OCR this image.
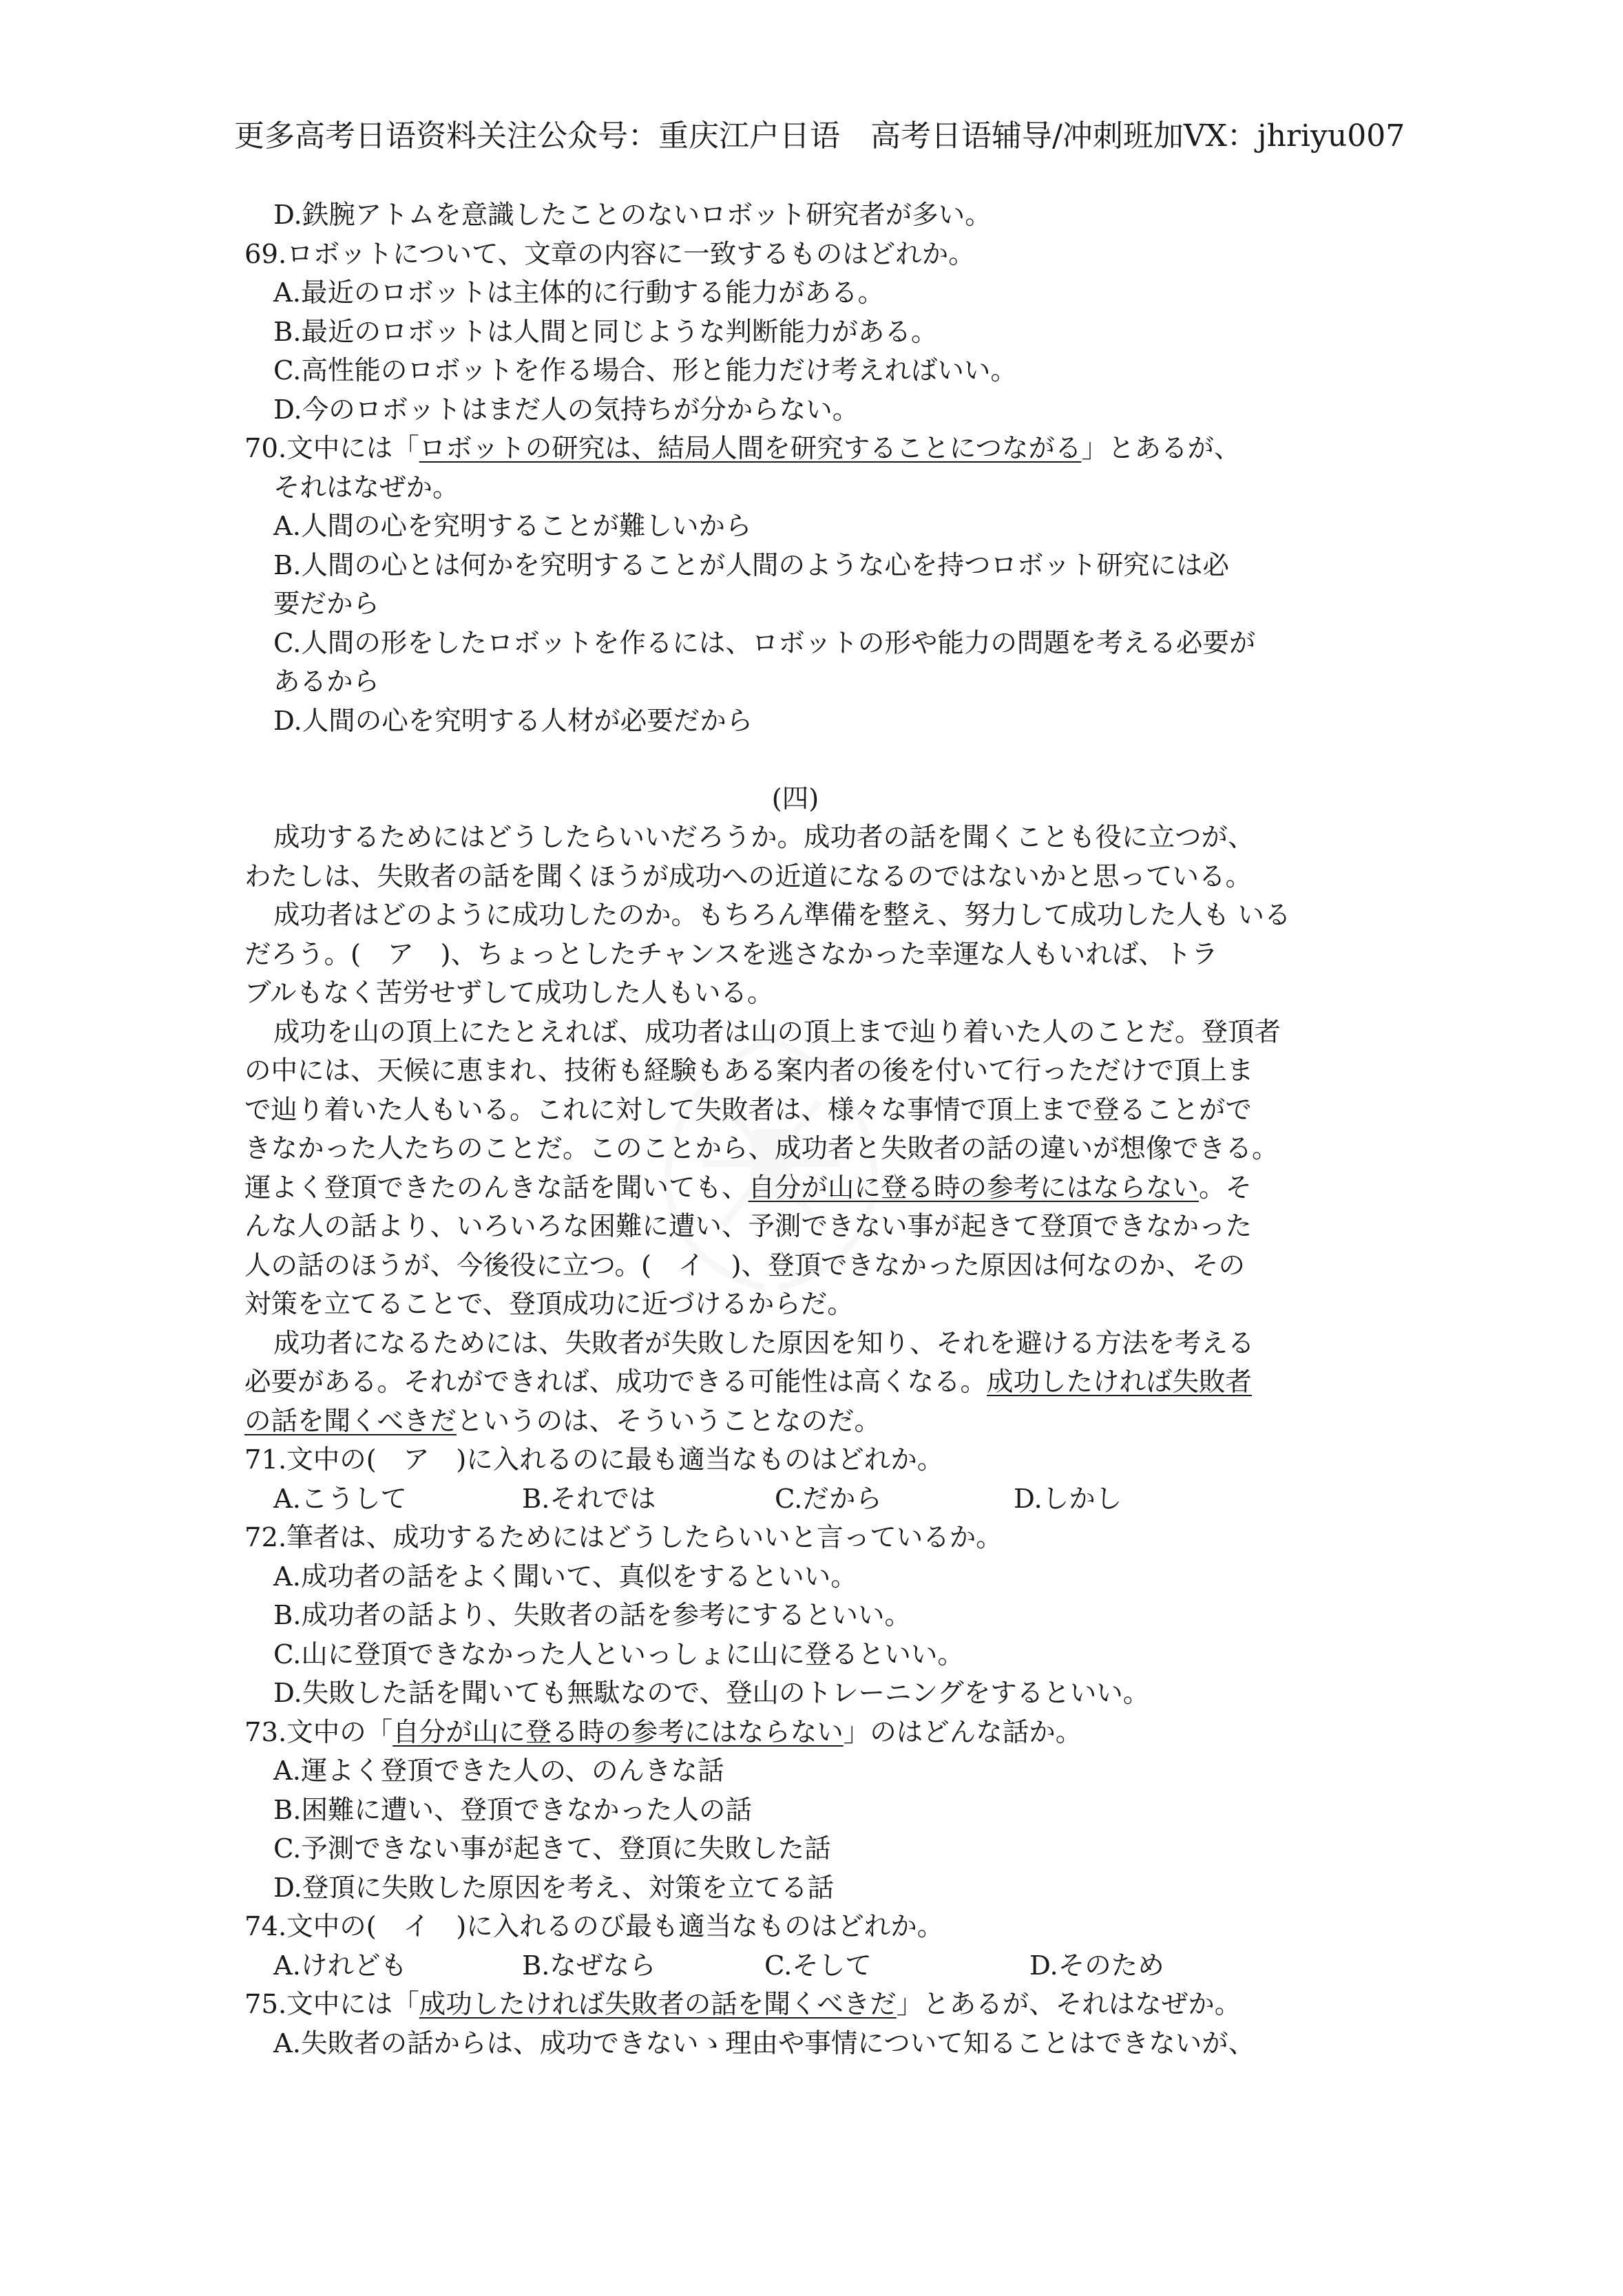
更多高考日语资料关注公众号：重庆江户日语　高考日语辅导/冲刺班加VX：jhriyu007
D.鉄腕アトムを意識したことのないロボット研究者が多い。
69.ロボットについて、文章の内容に一致するものはどれか。
A.最近のロボットは主体的に行動する能力がある。
B.最近のロボットは人間と同じような判断能力がある。
C.高性能のロボットを作る場合、形と能力だけ考えればいい。
D.今のロボットはまだ人の気持ちが分からない。
70.文中には「ロボットの研究は、結局人間を研究することにつながる」とあるが、
それはなぜか。
A.人間の心を究明することが難しいから
B.人間の心とは何かを究明することが人間のような心を持つロボット研究には必
要だから
C.人間の形をしたロボットを作るには、ロボットの形や能力の問題を考える必要が
あるから
D.人間の心を究明する人材が必要だから
(四)
成功するためにはどうしたらいいだろうか。成功者の話を聞くことも役に立つが、
わたしは、失敗者の話を聞くほうが成功への近道になるのではないかと思っている。
成功者はどのように成功したのか。もちろん準備を整え、努力して成功した人も いる
だろう。(　ア　)、ちょっとしたチャンスを逃さなかった幸運な人もいれば、トラ
ブルもなく苦労せずして成功した人もいる。
成功を山の頂上にたとえれば、成功者は山の頂上まで辿り着いた人のことだ。登頂者
の中には、天候に恵まれ、技術も経験もある案内者の後を付いて行っただけで頂上ま
で辿り着いた人もいる。これに対して失敗者は、様々な事情で頂上まで登ることがで
きなかった人たちのことだ。このことから、成功者と失敗者の話の違いが想像できる。
運よく登頂できたのんきな話を聞いても、自分が山に登る時の参考にはならない。そ
んな人の話より、いろいろな困難に遭い、予測できない事が起きて登頂できなかった
人の話のほうが、今後役に立つ。(　イ　)、登頂できなかった原因は何なのか、その
対策を立てることで、登頂成功に近づけるからだ。
成功者になるためには、失敗者が失敗した原因を知り、それを避ける方法を考える
必要がある。それができれば、成功できる可能性は高くなる。成功したければ失敗者
の話を聞くべきだというのは、そういうことなのだ。
71.文中の(　ア　)に入れるのに最も適当なものはどれか。
A.こうして	B.それでは	C.だから	D.しかし
72.筆者は、成功するためにはどうしたらいいと言っているか。
A.成功者の話をよく聞いて、真似をするといい。
B.成功者の話より、失敗者の話を参考にするといい。
C.山に登頂できなかった人といっしょに山に登るといい。
D.失敗した話を聞いても無駄なので、登山のトレーニングをするといい。
73.文中の「自分が山に登る時の参考にはならない」のはどんな話か。
A.運よく登頂できた人の、のんきな話
B.困難に遭い、登頂できなかった人の話
C.予測できない事が起きて、登頂に失敗した話
D.登頂に失敗した原因を考え、対策を立てる話
74.文中の(　イ　)に入れるのび最も適当なものはどれか。
A.けれども	B.なぜなら	C.そして	D.そのため
75.文中には「成功したければ失敗者の話を聞くべきだ」とあるが、それはなぜか。
A.失敗者の話からは、成功できないゝ理由や事情について知ることはできないが、
